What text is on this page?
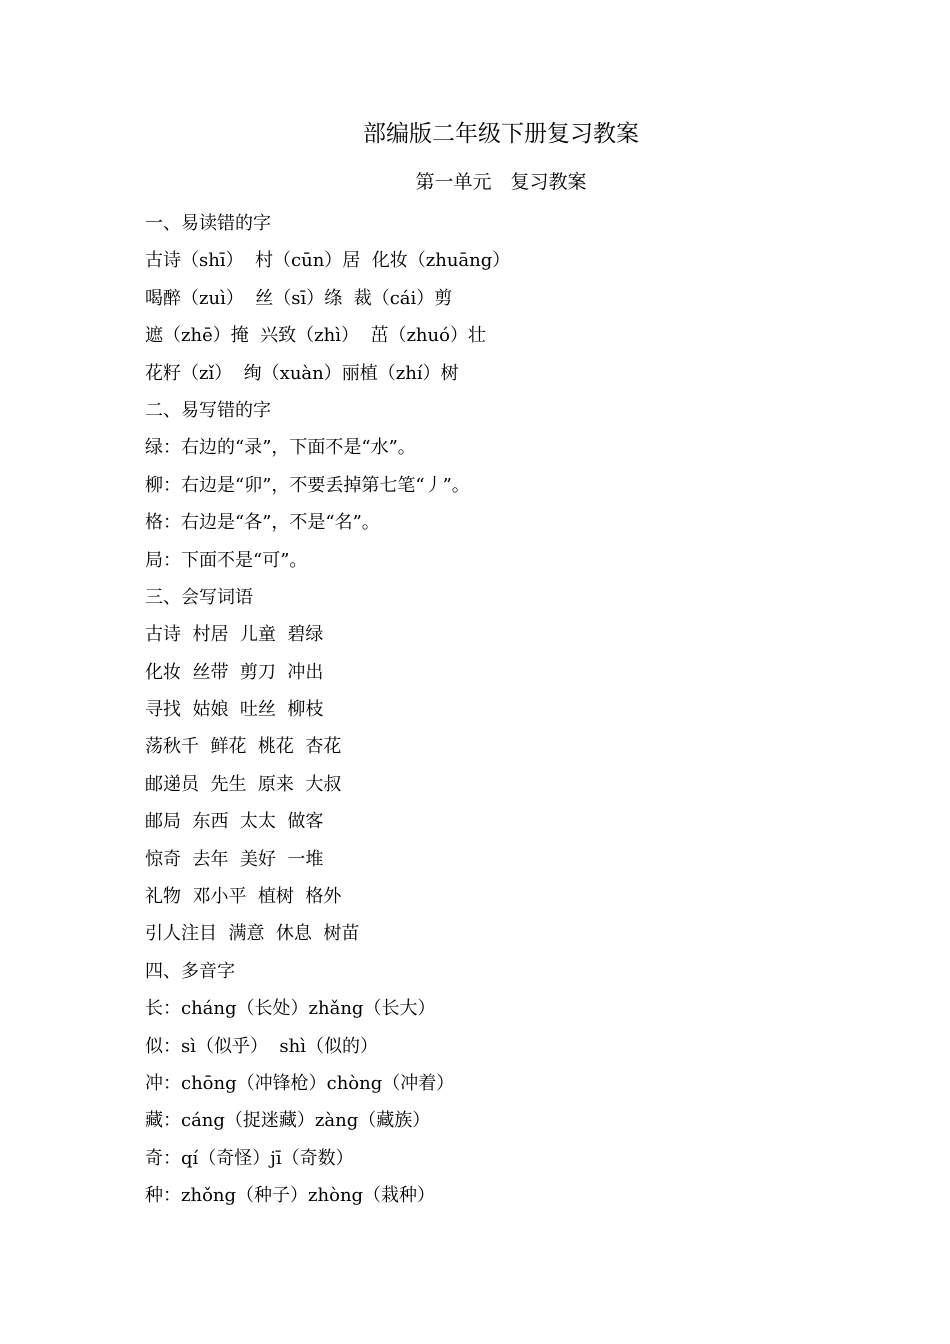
部编版二年级下册复习教案
第一单元　复习教案
一、易读错的字
古诗（shī）  村（cūn）居  化妆（zhuāng）
喝醉（zuì）  丝（sī）绦  裁（cái）剪
遮（zhē）掩  兴致（zhì）  茁（zhuó）壮
花籽（zǐ）  绚（xuàn）丽植（zhí）树
二、易写错的字
绿：右边的“录”，下面不是“水”。
柳：右边是“卯”，不要丢掉第七笔“丿”。
格：右边是“各”，不是“名”。
局：下面不是“可”。
三、会写词语
古诗  村居  儿童  碧绿
化妆  丝带  剪刀  冲出
寻找  姑娘  吐丝  柳枝
荡秋千  鲜花  桃花  杏花
邮递员  先生  原来  大叔
邮局  东西  太太  做客
惊奇  去年  美好  一堆
礼物  邓小平  植树  格外
引人注目  满意  休息  树苗
四、多音字
长：cháng（长处）zhǎng（长大）
似：sì（似乎）  shì（似的）
冲：chōng（冲锋枪）chòng（冲着）
藏：cáng（捉迷藏）zàng（藏族）
奇：qí（奇怪）jī（奇数）
种：zhǒng（种子）zhòng（栽种）
